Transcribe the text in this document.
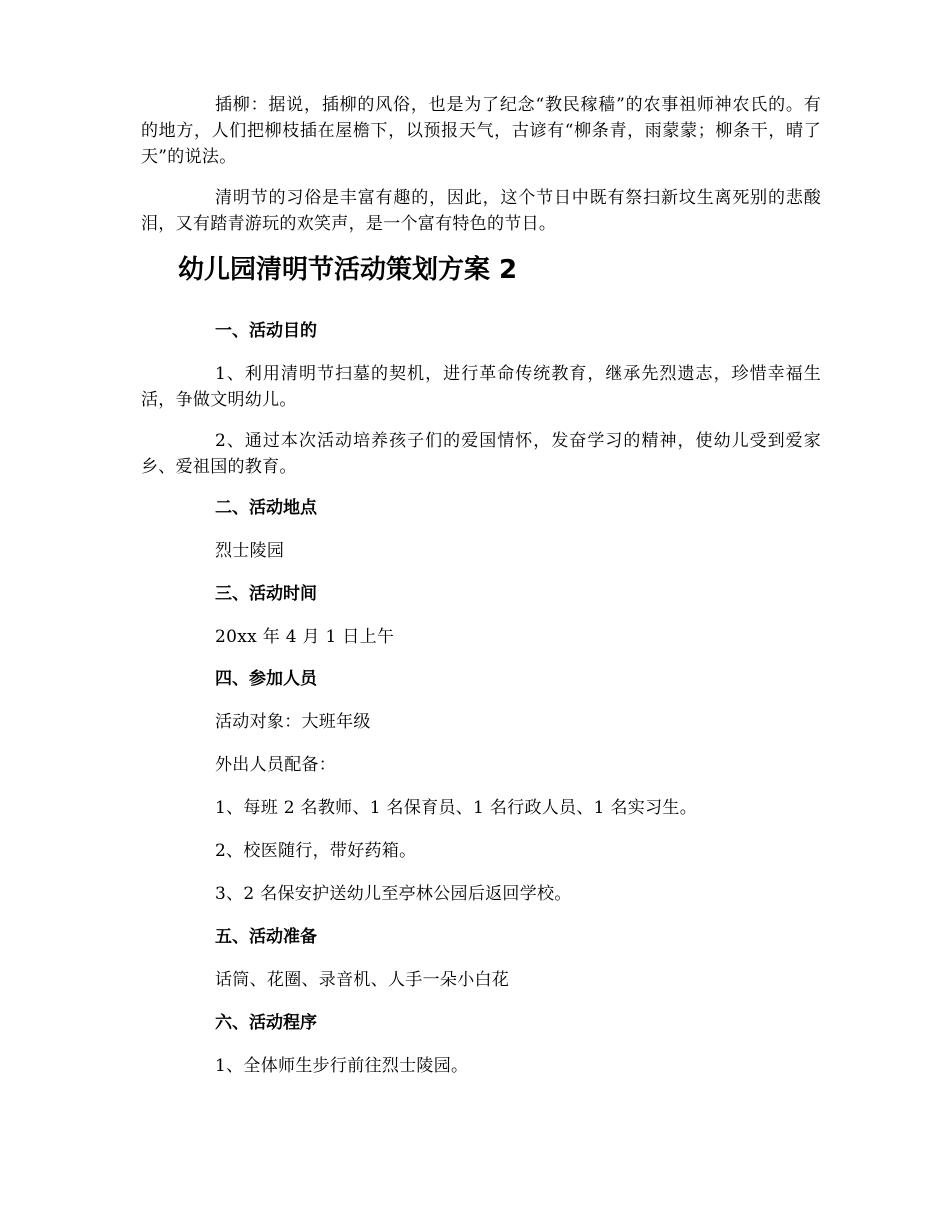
插柳：据说，插柳的风俗，也是为了纪念“教民稼穑”的农事祖师神农氏的。有的地方，人们把柳枝插在屋檐下，以预报天气，古谚有“柳条青，雨蒙蒙；柳条干，晴了天”的说法。

清明节的习俗是丰富有趣的，因此，这个节日中既有祭扫新坟生离死别的悲酸泪，又有踏青游玩的欢笑声，是一个富有特色的节日。

幼儿园清明节活动策划方案 2
一、活动目的

1、利用清明节扫墓的契机，进行革命传统教育，继承先烈遗志，珍惜幸福生活，争做文明幼儿。

2、通过本次活动培养孩子们的爱国情怀，发奋学习的精神，使幼儿受到爱家乡、爱祖国的教育。

二、活动地点

烈士陵园

三、活动时间

20xx 年 4 月 1 日上午

四、参加人员

活动对象：大班年级

外出人员配备：

1、每班 2 名教师、1 名保育员、1 名行政人员、1 名实习生。

2、校医随行，带好药箱。

3、2 名保安护送幼儿至亭林公园后返回学校。

五、活动准备

话筒、花圈、录音机、人手一朵小白花

六、活动程序

1、全体师生步行前往烈士陵园。
